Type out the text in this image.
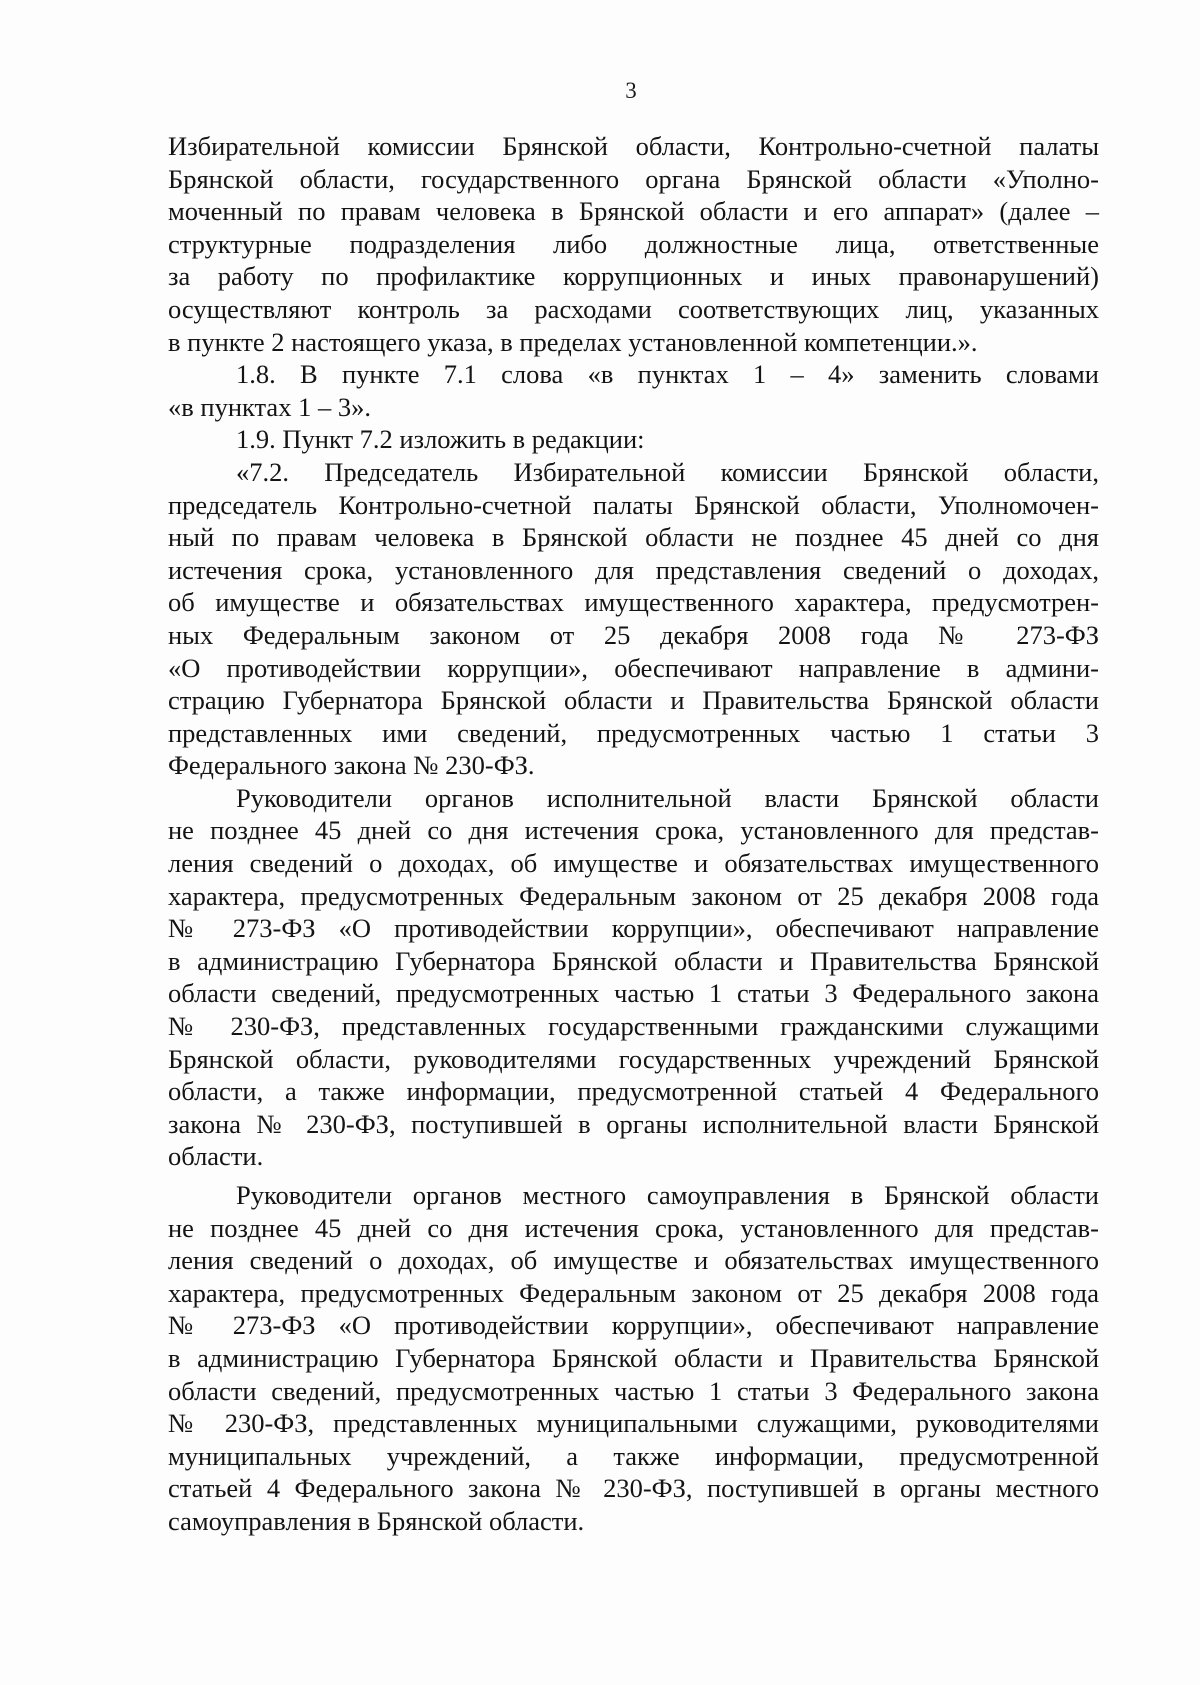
3
Избирательной комиссии Брянской области, Контрольно-счетной палаты
Брянской области, государственного органа Брянской области «Уполно-
моченный по правам человека в Брянской области и его аппарат» (далее –
структурные подразделения либо должностные лица, ответственные
за работу по профилактике коррупционных и иных правонарушений)
осуществляют контроль за расходами соответствующих лиц, указанных
в пункте 2 настоящего указа, в пределах установленной компетенции.».
1.8. В пункте 7.1 слова «в пунктах 1 – 4» заменить словами
«в пунктах 1 – 3».
1.9. Пункт 7.2 изложить в редакции:
«7.2. Председатель Избирательной комиссии Брянской области,
председатель Контрольно-счетной палаты Брянской области, Уполномочен-
ный по правам человека в Брянской области не позднее 45 дней со дня
истечения срока, установленного для представления сведений о доходах,
об имуществе и обязательствах имущественного характера, предусмотрен-
ных Федеральным законом от 25 декабря 2008 года № 273-ФЗ
«О противодействии коррупции», обеспечивают направление в админи-
страцию Губернатора Брянской области и Правительства Брянской области
представленных ими сведений, предусмотренных частью 1 статьи 3
Федерального закона № 230-ФЗ.
Руководители органов исполнительной власти Брянской области
не позднее 45 дней со дня истечения срока, установленного для представ-
ления сведений о доходах, об имуществе и обязательствах имущественного
характера, предусмотренных Федеральным законом от 25 декабря 2008 года
№ 273-ФЗ «О противодействии коррупции», обеспечивают направление
в администрацию Губернатора Брянской области и Правительства Брянской
области сведений, предусмотренных частью 1 статьи 3 Федерального закона
№ 230-ФЗ, представленных государственными гражданскими служащими
Брянской области, руководителями государственных учреждений Брянской
области, а также информации, предусмотренной статьей 4 Федерального
закона № 230-ФЗ, поступившей в органы исполнительной власти Брянской
области.
Руководители органов местного самоуправления в Брянской области
не позднее 45 дней со дня истечения срока, установленного для представ-
ления сведений о доходах, об имуществе и обязательствах имущественного
характера, предусмотренных Федеральным законом от 25 декабря 2008 года
№ 273-ФЗ «О противодействии коррупции», обеспечивают направление
в администрацию Губернатора Брянской области и Правительства Брянской
области сведений, предусмотренных частью 1 статьи 3 Федерального закона
№ 230-ФЗ, представленных муниципальными служащими, руководителями
муниципальных учреждений, а также информации, предусмотренной
статьей 4 Федерального закона № 230-ФЗ, поступившей в органы местного
самоуправления в Брянской области.
